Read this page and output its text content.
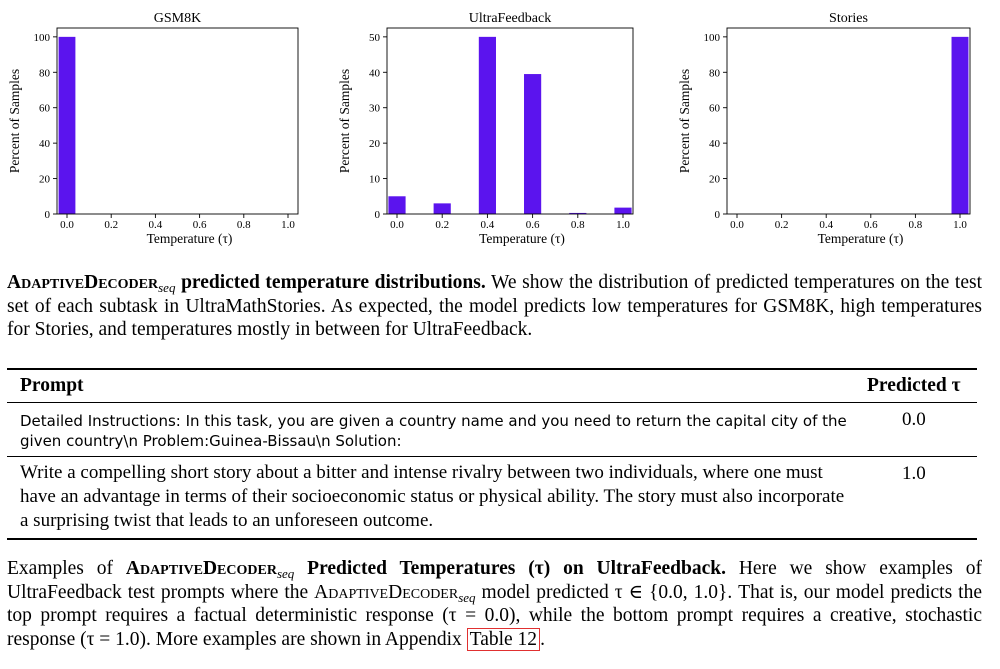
GSM8K
0.0	0.2	0.4	0.6	0.8	1.0
0
20
40
60
80
100
Temperature (τ)
Percent of Samples
UltraFeedback
0.0	0.2	0.4	0.6	0.8	1.0
0
10
20
30
40
50
Temperature (τ)
Percent of Samples
Stories
0.0	0.2	0.4	0.6	0.8	1.0
0
20
40
60
80
100
Temperature (τ)
Percent of Samples
AdaptiveDecoder$_{seq}$ predicted temperature distributions. We show the distribution of predicted temperatures on the test set of each subtask in UltraMathStories. As expected, the model predicts low temperatures for GSM8K, high temperatures for Stories, and temperatures mostly in between for UltraFeedback.
Prompt	Predicted τ
Detailed Instructions: In this task, you are given a country name and you need to return the capital city of the given country\n Problem:Guinea-Bissau\n Solution:
0.0
Write a compelling short story about a bitter and intense rivalry between two individuals, where one must have an advantage in terms of their socioeconomic status or physical ability. The story must also incorporate a surprising twist that leads to an unforeseen outcome.
1.0
Examples of AdaptiveDecoder$_{seq}$ Predicted Temperatures (τ) on UltraFeedback. Here we show examples of UltraFeedback test prompts where the AdaptiveDecoder$_{seq}$ model predicted τ ∈ {0.0, 1.0}. That is, our model predicts the top prompt requires a factual deterministic response (τ = 0.0), while the bottom prompt requires a creative, stochastic response (τ = 1.0). More examples are shown in Appendix Table 12 .
